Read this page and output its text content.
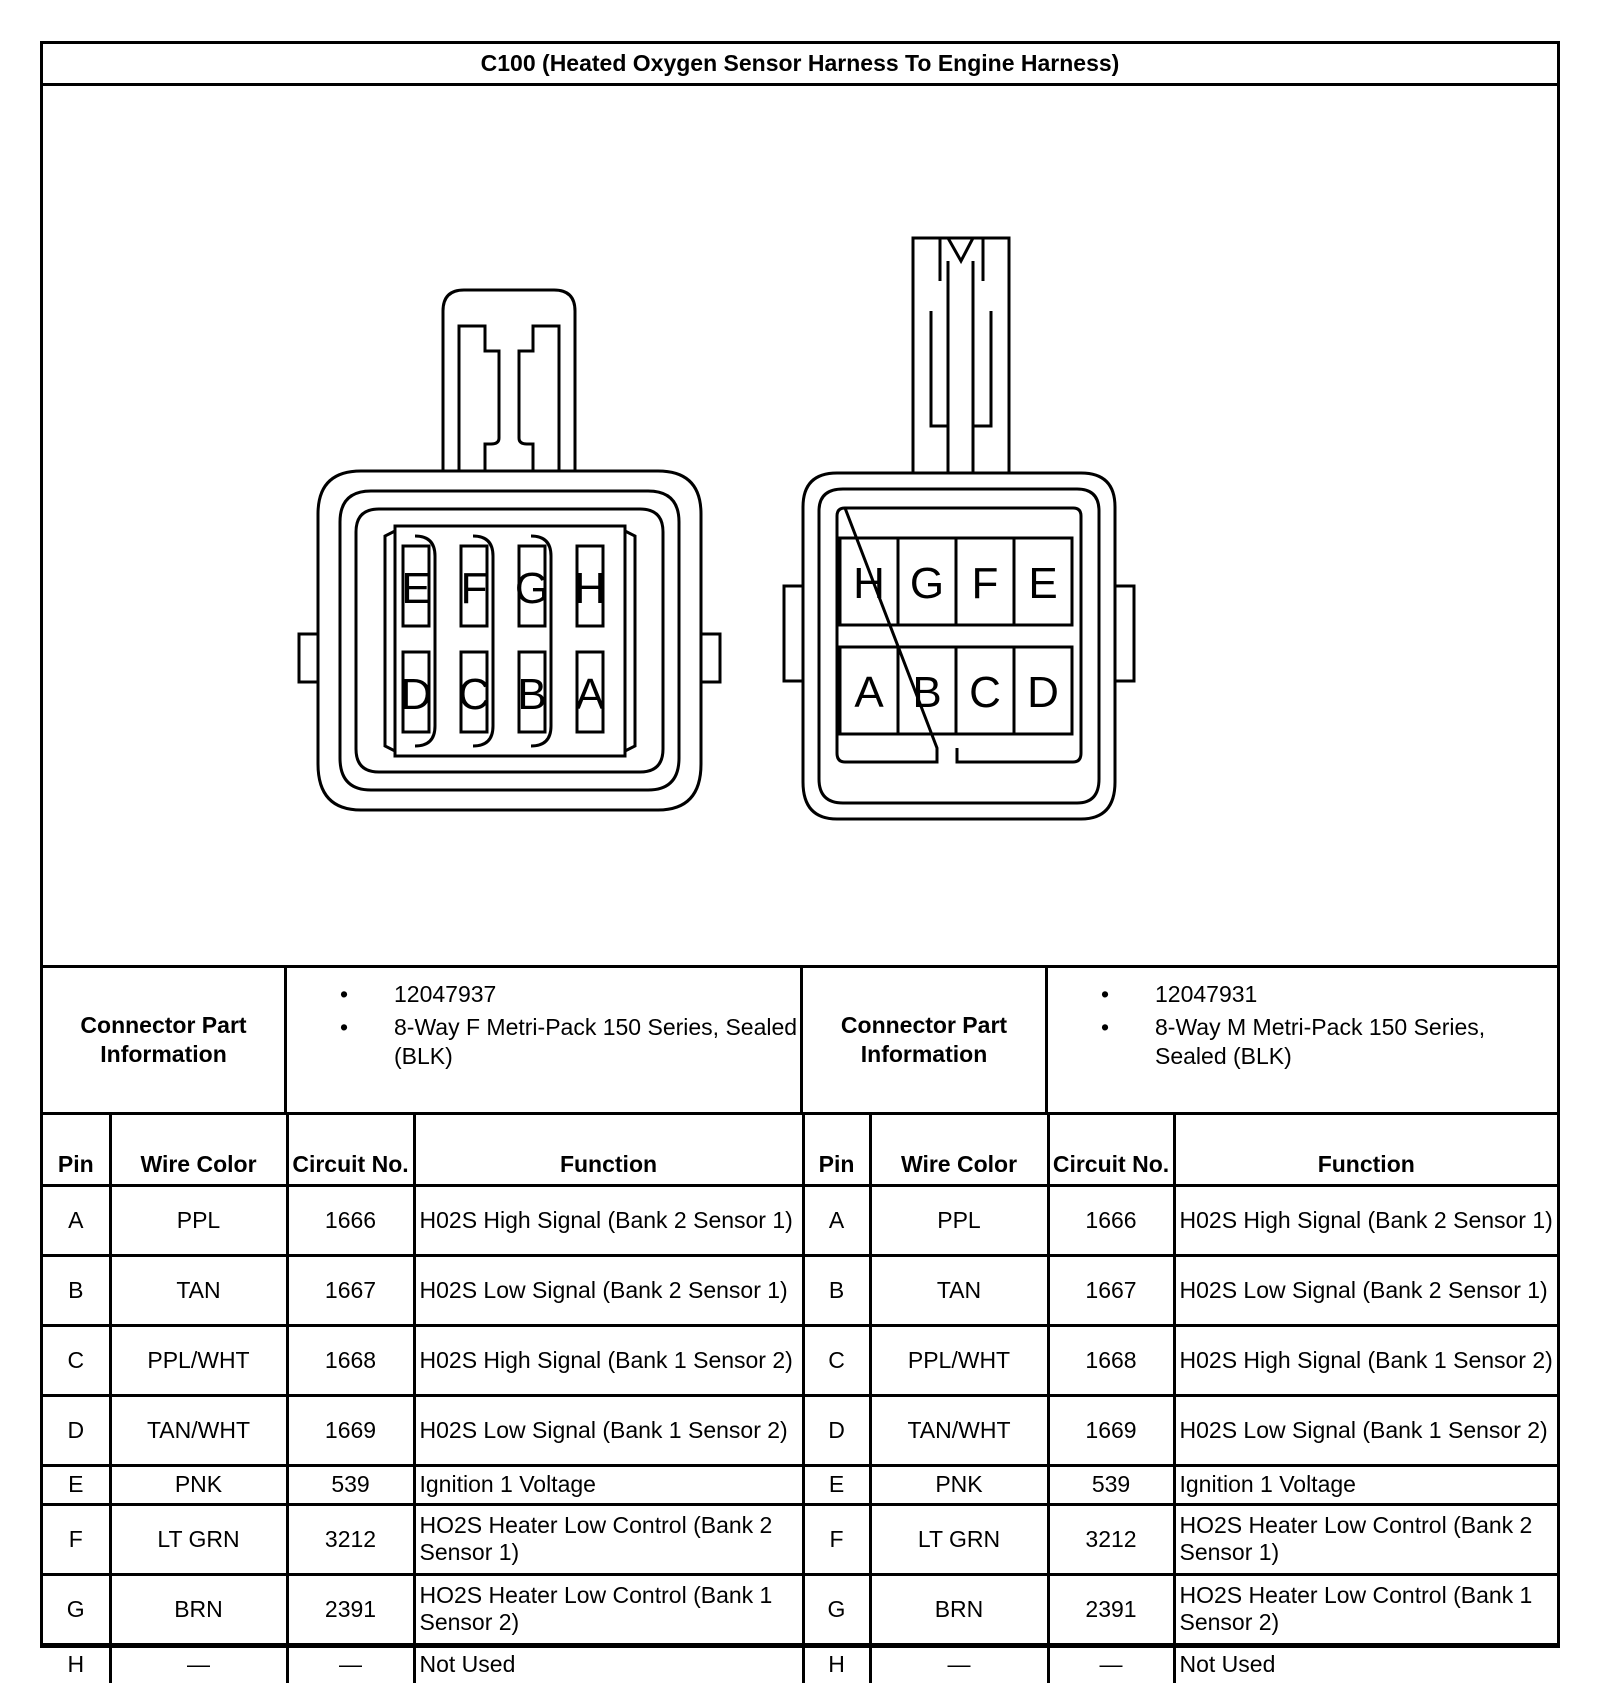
C100 (Heated Oxygen Sensor Harness To Engine Harness)
E F G H
D C B A
H G F E
A B C D
Connector Part Information
• 12047937
• 8-Way F Metri-Pack 150 Series, Sealed (BLK)
Connector Part Information
• 12047931
• 8-Way M Metri-Pack 150 Series, Sealed (BLK)
Pin	Wire Color	Circuit No.	Function	Pin	Wire Color	Circuit No.	Function
A	PPL	1666	H02S High Signal (Bank 2 Sensor 1)	A	PPL	1666	H02S High Signal (Bank 2 Sensor 1)
B	TAN	1667	H02S Low Signal (Bank 2 Sensor 1)	B	TAN	1667	H02S Low Signal (Bank 2 Sensor 1)
C	PPL/WHT	1668	H02S High Signal (Bank 1 Sensor 2)	C	PPL/WHT	1668	H02S High Signal (Bank 1 Sensor 2)
D	TAN/WHT	1669	H02S Low Signal (Bank 1 Sensor 2)	D	TAN/WHT	1669	H02S Low Signal (Bank 1 Sensor 2)
E	PNK	539	Ignition 1 Voltage	E	PNK	539	Ignition 1 Voltage
F	LT GRN	3212	HO2S Heater Low Control (Bank 2 Sensor 1)	F	LT GRN	3212	HO2S Heater Low Control (Bank 2 Sensor 1)
G	BRN	2391	HO2S Heater Low Control (Bank 1 Sensor 2)	G	BRN	2391	HO2S Heater Low Control (Bank 1 Sensor 2)
H	—	—	Not Used	H	—	—	Not Used
